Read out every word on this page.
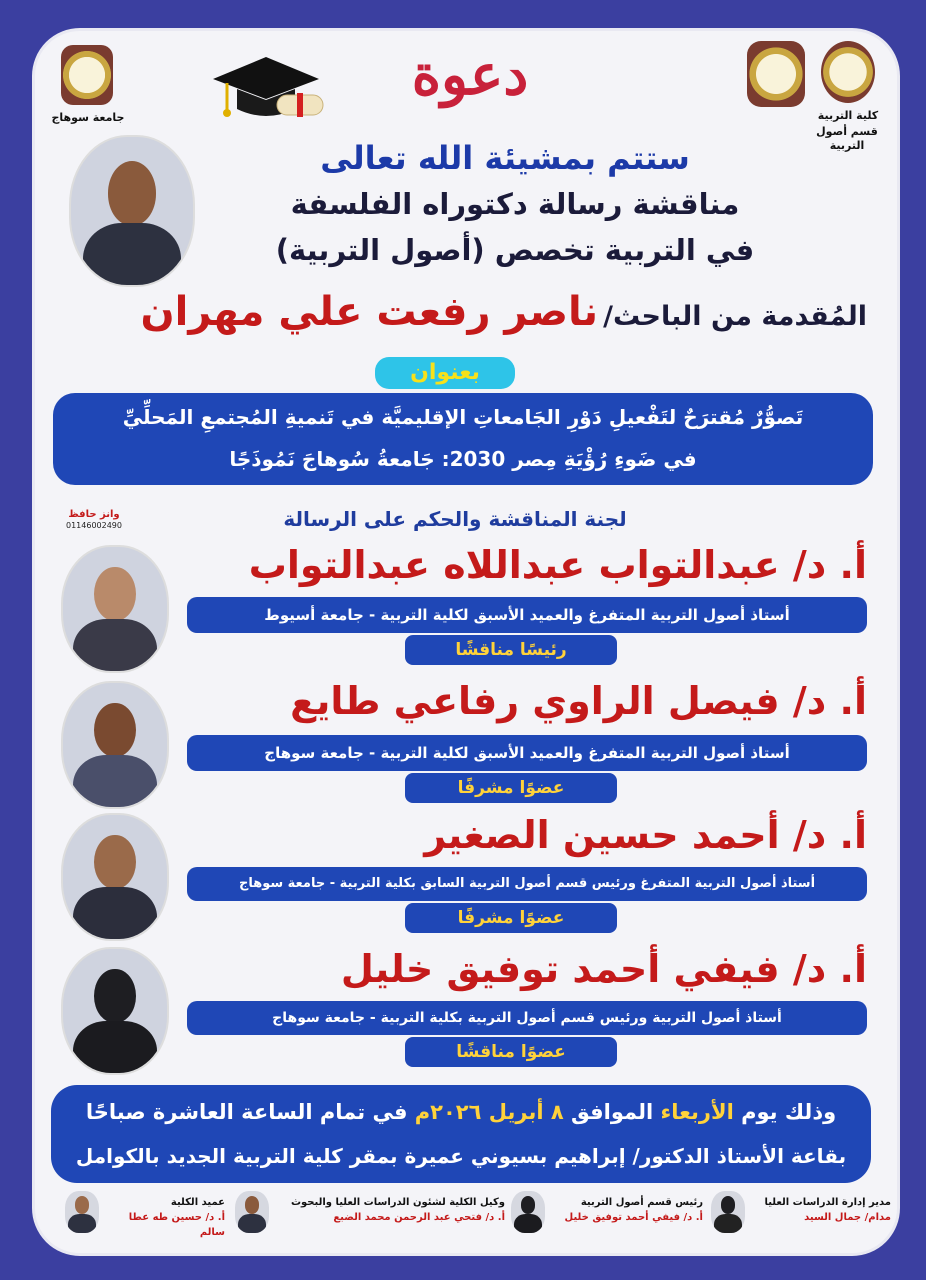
جامعة سوهاج	كلية التربية
قسم أصول التربية
دعوة
ستتم بمشيئة الله تعالى
مناقشة رسالة دكتوراه الفلسفة
في التربية تخصص (أصول التربية)
المُقدمة من الباحث/ ناصر رفعت علي مهران
بعنوان
تَصوُّرٌ مُقترَحٌ لتَفْعيلِ دَوْرِ الجَامعاتِ الإقليميَّة في تَنميةِ المُجتمعِ المَحلِّيِّ
في ضَوءِ رُؤْيَةِ مِصر 2030: جَامعةُ سُوهاجَ نَمُوذَجًا
وانز حافظ
01146002490	لجنة المناقشة والحكم على الرسالة
أ. د/ عبدالتواب عبداللاه عبدالتواب
أستاذ أصول التربية المتفرغ والعميد الأسبق لكلية التربية - جامعة أسيوط
رئيسًا مناقشًا
أ. د/ فيصل الراوي رفاعي طايع
أستاذ أصول التربية المتفرغ والعميد الأسبق لكلية التربية - جامعة سوهاج
عضوًا مشرفًا
أ. د/ أحمد حسين الصغير
أستاذ أصول التربية المتفرغ ورئيس قسم أصول التربية السابق بكلية التربية - جامعة سوهاج
عضوًا مشرفًا
أ. د/ فيفي أحمد توفيق خليل
أستاذ أصول التربية ورئيس قسم أصول التربية بكلية التربية - جامعة سوهاج
عضوًا مناقشًا
وذلك يوم الأربعاء الموافق ٨ أبريل ٢٠٢٦م في تمام الساعة العاشرة صباحًا
بقاعة الأستاذ الدكتور/ إبراهيم بسيوني عميرة بمقر كلية التربية الجديد بالكوامل
مدير إدارة الدراسات العليا
مدام/ جمال السيد
رئيس قسم أصول التربية
أ. د/ فيفي أحمد توفيق خليل
وكيل الكلية لشئون الدراسات العليا والبحوث
أ. د/ فتحي عبد الرحمن محمد الضبع
عميد الكلية
أ. د/ حسين طه عطا سالم
